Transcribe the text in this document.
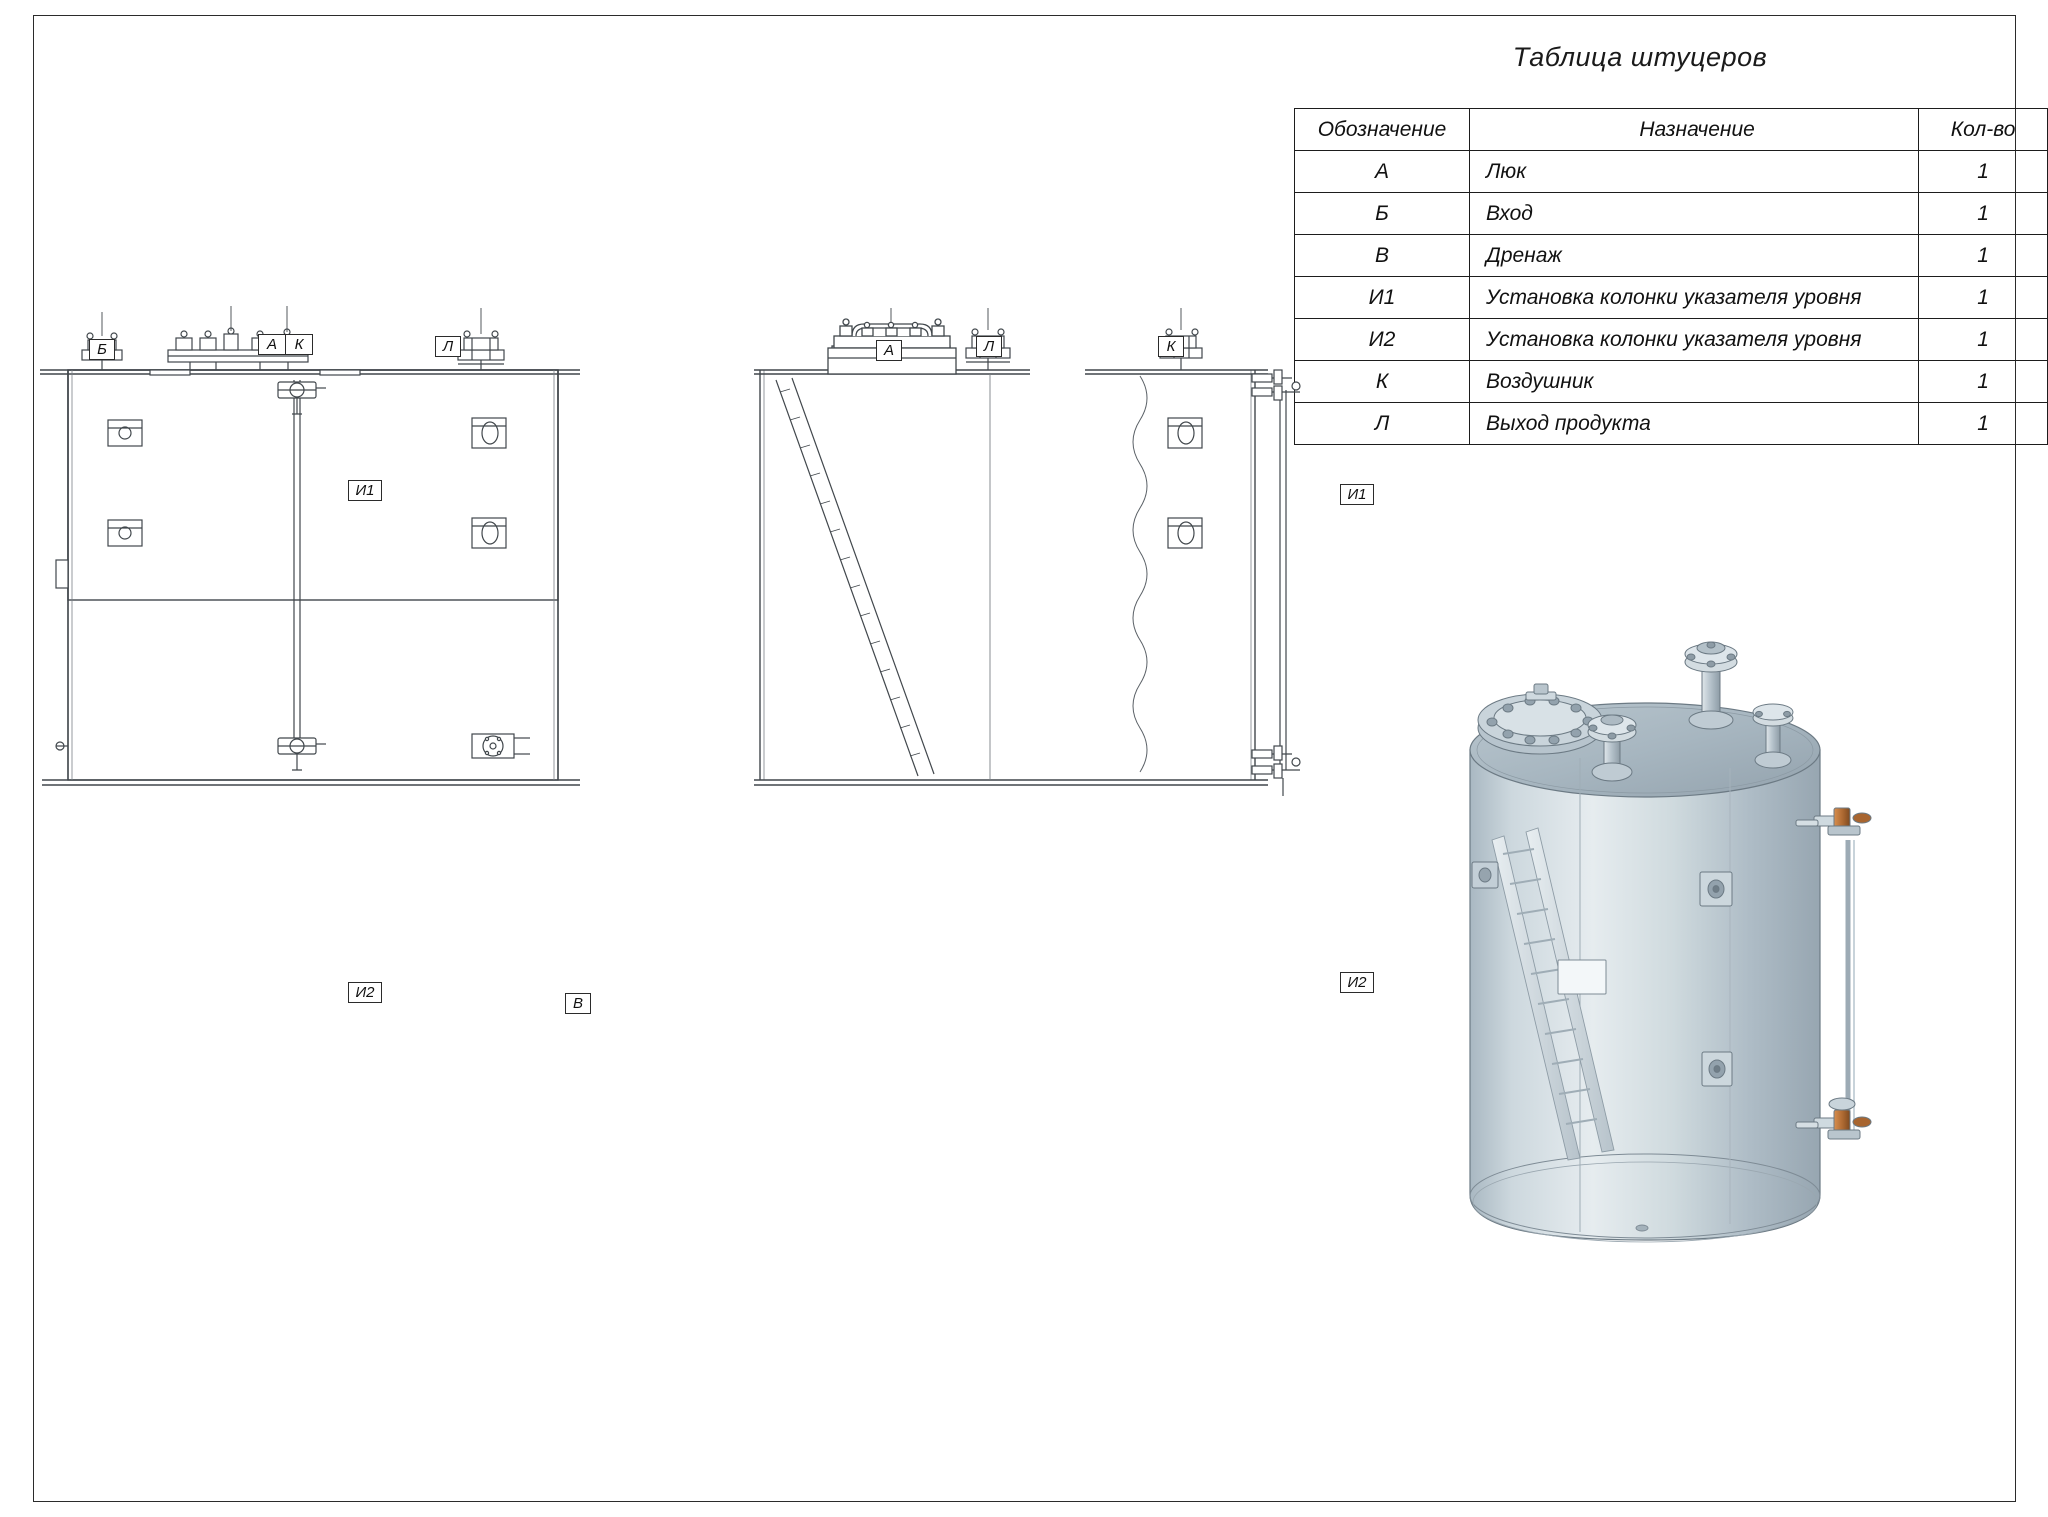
Таблица штуцеров
Обозначение	Назначение	Кол-во
А	Люк	1
Б	Вход	1
В	Дренаж	1
И1	Установка колонки указателя уровня	1
И2	Установка колонки указателя уровня	1
К	Воздушник	1
Л	Выход продукта	1
Б	А	К	Л
И1
И2
В
А	Л	К
И1
И2
